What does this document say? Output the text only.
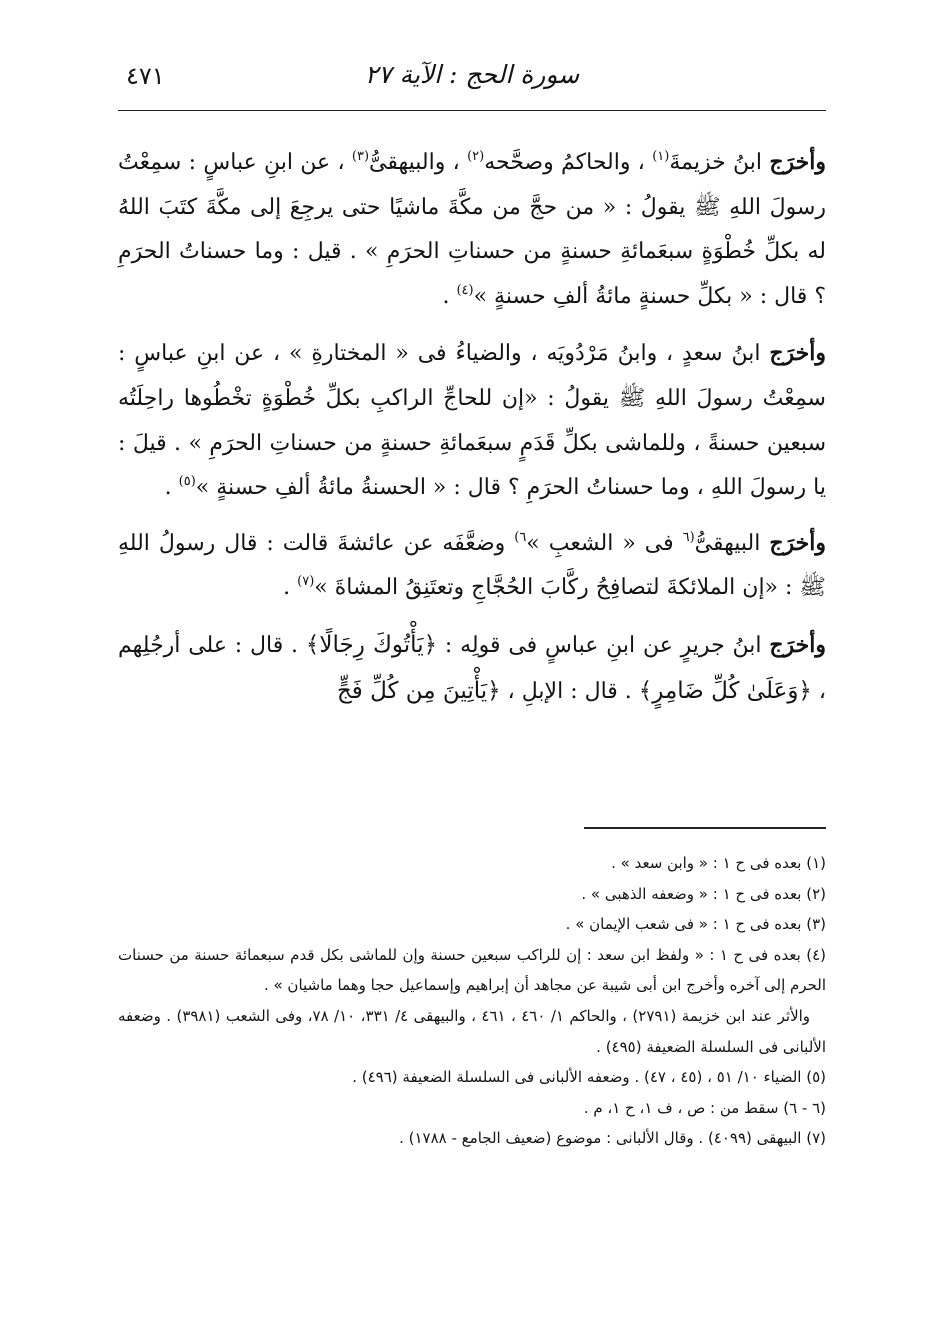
سورة الحج : الآية ٢٧
٤٧١

وأخرَج ابنُ خزيمةَ$^{(١)}$ ، والحاكمُ وصحَّحه$^{(٢)}$ ، والبيهقىُّ$^{(٣)}$ ، عن ابنِ عباسٍ : سمِعْتُ رسولَ اللهِ ﷺ يقولُ : « من حجَّ من مكَّةَ ماشيًا حتى يرجِعَ إلى مكَّةَ كتَبَ اللهُ له بكلِّ خُطْوَةٍ سبعَمائةِ حسنةٍ من حسناتِ الحرَمِ » . قيل : وما حسناتُ الحرَمِ ؟ قال : « بكلِّ حسنةٍ مائةُ ألفِ حسنةٍ »$^{(٤)}$ .

وأخرَج ابنُ سعدٍ ، وابنُ مَرْدُويَه ، والضياءُ فى « المختارةِ » ، عن ابنِ عباسٍ : سمِعْتُ رسولَ اللهِ ﷺ يقولُ : «إن للحاجِّ الراكبِ بكلِّ خُطْوَةٍ تخْطُوها راحِلَتُه سبعين حسنةً ، وللماشى بكلِّ قَدَمٍ سبعَمائةِ حسنةٍ من حسناتِ الحرَمِ » . قيلَ : يا رسولَ اللهِ ، وما حسناتُ الحرَمِ ؟ قال : « الحسنةُ مائةُ ألفِ حسنةٍ »$^{(٥)}$ .

وأخرَج البيهقىُّ$^{(٦}$ فى « الشعبِ »$^{٦)}$ وضعَّفَه عن عائشةَ قالت : قال رسولُ اللهِ ﷺ : «إن الملائكةَ لتصافِحُ ركَّابَ الحُجَّاجِ وتعتَنِقُ المشاةَ »$^{(٧)}$ .

وأخرَج ابنُ جريرٍ عن ابنِ عباسٍ فى قولِه : ﴿يَأْتُوكَ رِجَالًا﴾ . قال : على أرجُلِهم ، ﴿وَعَلَىٰ كُلِّ ضَامِرٍ﴾ . قال : الإبلِ ، ﴿يَأْتِينَ مِن كُلِّ فَجٍّ

(١) بعده فى ح ١ : « وابن سعد » .

(٢) بعده فى ح ١ : « وضعفه الذهبى » .

(٣) بعده فى ح ١ : « فى شعب الإيمان » .

(٤) بعده فى ح ١ : « ولفظ ابن سعد : إن للراكب سبعين حسنة وإن للماشى بكل قدم سبعمائة حسنة من حسنات الحرم إلى آخره وأخرج ابن أبى شيبة عن مجاهد أن إبراهيم وإسماعيل حجا وهما ماشيان » .

والأثر عند ابن خزيمة (٢٧٩١) ، والحاكم ١/ ٤٦٠ ، ٤٦١ ، والبيهقى ٤/ ٣٣١، ١٠/ ٧٨، وفى الشعب (٣٩٨١) . وضعفه الألبانى فى السلسلة الضعيفة (٤٩٥) .

(٥) الضياء ١٠/ ٥١ ، (٤٥ ، ٤٧) . وضعفه الألبانى فى السلسلة الضعيفة (٤٩٦) .

(٦ - ٦) سقط من : ص ، ف ١، ح ١، م .

(٧) البيهقى (٤٠٩٩) . وقال الألبانى : موضوع (ضعيف الجامع - ١٧٨٨) .
